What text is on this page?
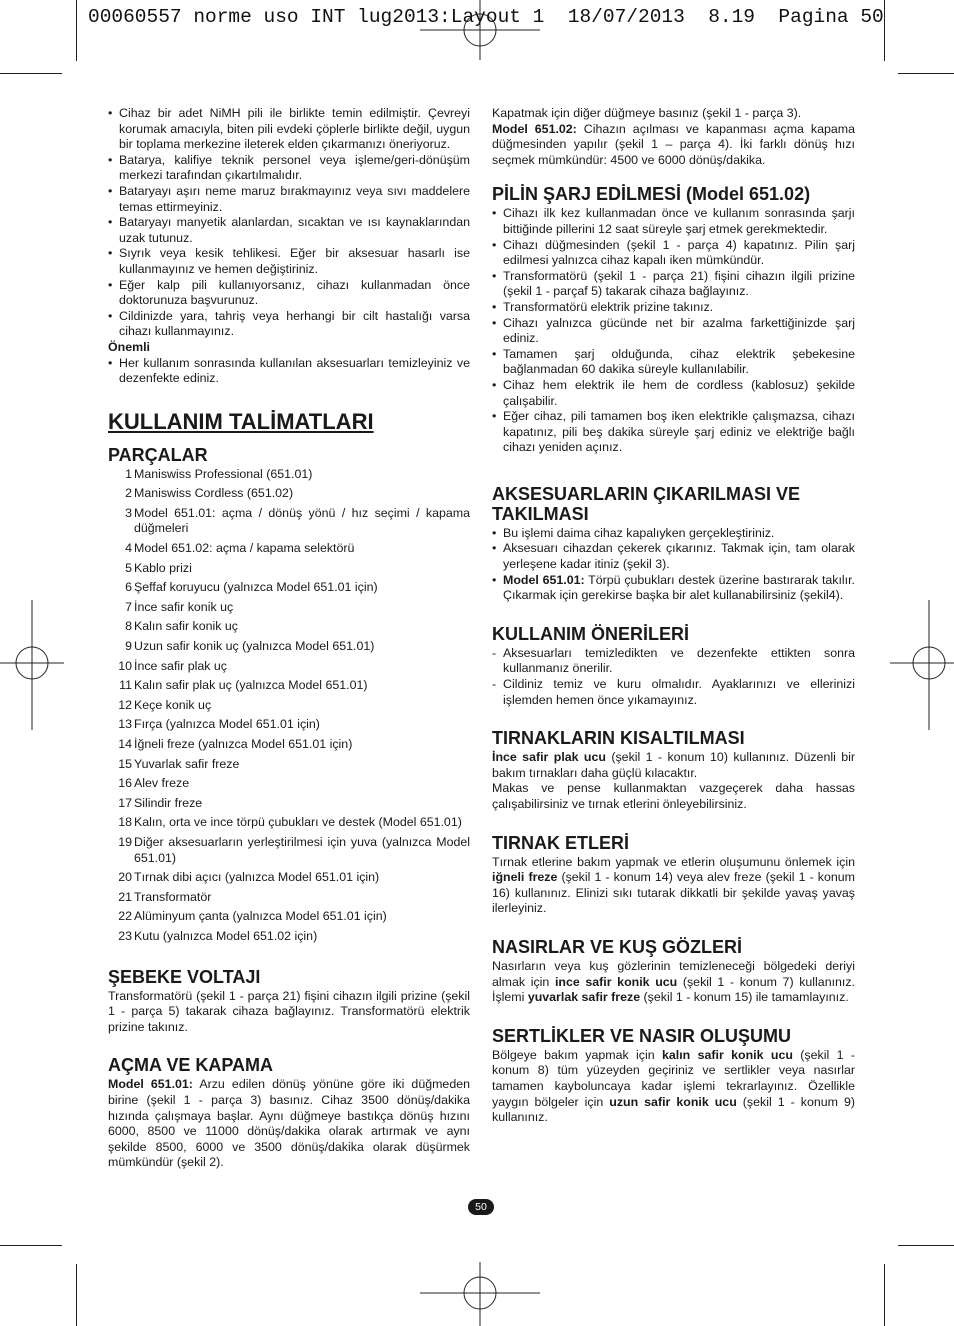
00060557 norme uso INT lug2013:Layout 1  18/07/2013  8.19  Pagina 50
• Cihaz bir adet NiMH pili ile birlikte temin edilmiştir. Çevreyi korumak amacıyla, biten pili evdeki çöplerle birlikte değil, uygun bir toplama merkezine ileterek elden çıkarmanızı öneriyoruz.
• Batarya, kalifiye teknik personel veya işleme/geri-dönüşüm merkezi tarafından çıkartılmalıdır.
• Bataryayı aşırı neme maruz bırakmayınız veya sıvı maddelere temas ettirmeyiniz.
• Bataryayı manyetik alanlardan, sıcaktan ve ısı kaynaklarından uzak tutunuz.
• Sıyrık veya kesik tehlikesi. Eğer bir aksesuar hasarlı ise kullanmayınız ve hemen değiştiriniz.
• Eğer kalp pili kullanıyorsanız, cihazı kullanmadan önce doktorunuza başvurunuz.
• Cildinizde yara, tahriş veya herhangi bir cilt hastalığı varsa cihazı kullanmayınız.

Önemli

• Her kullanım sonrasında kullanılan aksesuarları temizleyiniz ve dezenfekte ediniz.
KULLANIM TALİMATLARI
PARÇALAR
1 Maniswiss Professional (651.01)
2 Maniswiss Cordless (651.02)
3 Model 651.01: açma / dönüş yönü / hız seçimi / kapama düğmeleri
4 Model 651.02: açma / kapama selektörü
5 Kablo prizi
6 Şeffaf koruyucu (yalnızca Model 651.01 için)
7 İnce safir konik uç
8 Kalın safir konik uç
9 Uzun safir konik uç (yalnızca Model 651.01)
10 İnce safir plak uç
11 Kalın safir plak uç (yalnızca Model 651.01)
12 Keçe konik uç
13 Fırça (yalnızca Model 651.01 için)
14 İğneli freze (yalnızca Model 651.01 için)
15 Yuvarlak safir freze
16 Alev freze
17 Silindir freze
18 Kalın, orta ve ince törpü çubukları ve destek (Model 651.01)
19 Diğer aksesuarların yerleştirilmesi için yuva (yalnızca Model 651.01)
20 Tırnak dibi açıcı (yalnızca Model 651.01 için)
21 Transformatör
22 Alüminyum çanta (yalnızca Model 651.01 için)
23 Kutu (yalnızca Model 651.02 için)
ŞEBEKE VOLTAJI

Transformatörü (şekil 1 - parça 21) fişini cihazın ilgili prizine (şekil 1 - parça 5) takarak cihaza bağlayınız. Transformatörü elektrik prizine takınız.

AÇMA VE KAPAMA

Model 651.01: Arzu edilen dönüş yönüne göre iki düğmeden birine (şekil 1 - parça 3) basınız. Cihaz 3500 dönüş/dakika hızında çalışmaya başlar. Aynı düğmeye bastıkça dönüş hızını 6000, 8500 ve 11000 dönüş/dakika olarak artırmak ve aynı şekilde 8500, 6000 ve 3500 dönüş/dakika olarak düşürmek mümkündür (şekil 2).

Kapatmak için diğer düğmeye basınız (şekil 1 - parça 3).

Model 651.02: Cihazın açılması ve kapanması açma kapama düğmesinden yapılır (şekil 1 – parça 4). İki farklı dönüş hızı seçmek mümkündür: 4500 ve 6000 dönüş/dakika.

PİLİN ŞARJ EDİLMESİ (Model 651.02)
• Cihazı ilk kez kullanmadan önce ve kullanım sonrasında şarjı bittiğinde pillerini 12 saat süreyle şarj etmek gerekmektedir.
• Cihazı düğmesinden (şekil 1 - parça 4) kapatınız. Pilin şarj edilmesi yalnızca cihaz kapalı iken mümkündür.
• Transformatörü (şekil 1 - parça 21) fişini cihazın ilgili prizine (şekil 1 - parçaf 5) takarak cihaza bağlayınız.
• Transformatörü elektrik prizine takınız.
• Cihazı yalnızca gücünde net bir azalma farkettiğinizde şarj ediniz.
• Tamamen şarj olduğunda, cihaz elektrik şebekesine bağlanmadan 60 dakika süreyle kullanılabilir.
• Cihaz hem elektrik ile hem de cordless (kablosuz) şekilde çalışabilir.
• Eğer cihaz, pili tamamen boş iken elektrikle çalışmazsa, cihazı kapatınız, pili beş dakika süreyle şarj ediniz ve elektriğe bağlı cihazı yeniden açınız.
AKSESUARLARIN ÇIKARILMASI VE TAKILMASI
• Bu işlemi daima cihaz kapalıyken gerçekleştiriniz.
• Aksesuarı cihazdan çekerek çıkarınız. Takmak için, tam olarak yerleşene kadar itiniz (şekil 3).
• Model 651.01: Törpü çubukları destek üzerine bastırarak takılır. Çıkarmak için gerekirse başka bir alet kullanabilirsiniz (şekil4).
KULLANIM ÖNERİLERİ
- Aksesuarları temizledikten ve dezenfekte ettikten sonra kullanmanız önerilir.
- Cildiniz temiz ve kuru olmalıdır. Ayaklarınızı ve ellerinizi işlemden hemen önce yıkamayınız.
TIRNAKLARIN KISALTILMASI

İnce safir plak ucu (şekil 1 - konum 10) kullanınız. Düzenli bir bakım tırnakları daha güçlü kılacaktır.

Makas ve pense kullanmaktan vazgeçerek daha hassas çalışabilirsiniz ve tırnak etlerini önleyebilirsiniz.

TIRNAK ETLERİ

Tırnak etlerine bakım yapmak ve etlerin oluşumunu önlemek için iğneli freze (şekil 1 - konum 14) veya alev freze (şekil 1 - konum 16) kullanınız. Elinizi sıkı tutarak dikkatli bir şekilde yavaş yavaş ilerleyiniz.

NASIRLAR VE KUŞ GÖZLERİ

Nasırların veya kuş gözlerinin temizleneceği bölgedeki deriyi almak için ince safir konik ucu (şekil 1 - konum 7) kullanınız. İşlemi yuvarlak safir freze (şekil 1 - konum 15) ile tamamlayınız.

SERTLİKLER VE NASIR OLUŞUMU

Bölgeye bakım yapmak için kalın safir konik ucu (şekil 1 - konum 8) tüm yüzeyden geçiriniz ve sertlikler veya nasırlar tamamen kayboluncaya kadar işlemi tekrarlayınız. Özellikle yaygın bölgeler için uzun safir konik ucu (şekil 1 - konum 9) kullanınız.

50
